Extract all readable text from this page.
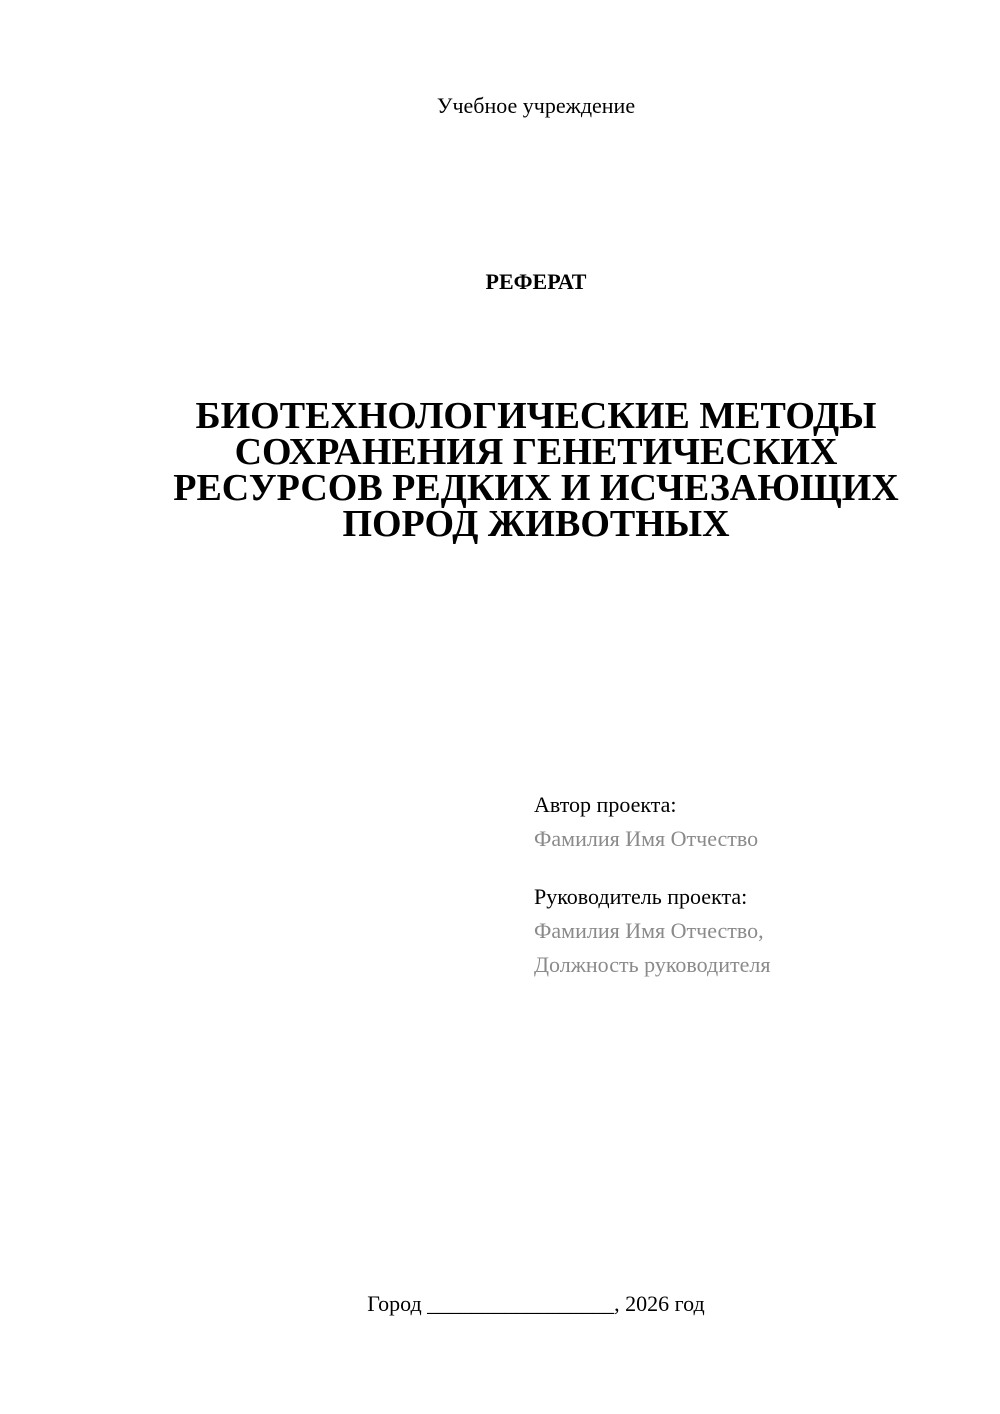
Учебное учреждение
РЕФЕРАТ
БИОТЕХНОЛОГИЧЕСКИЕ МЕТОДЫ
СОХРАНЕНИЯ ГЕНЕТИЧЕСКИХ
РЕСУРСОВ РЕДКИХ И ИСЧЕЗАЮЩИХ
ПОРОД ЖИВОТНЫХ
Автор проекта:
Фамилия Имя Отчество
Руководитель проекта:
Фамилия Имя Отчество,
Должность руководителя
Город _________________, 2026 год
